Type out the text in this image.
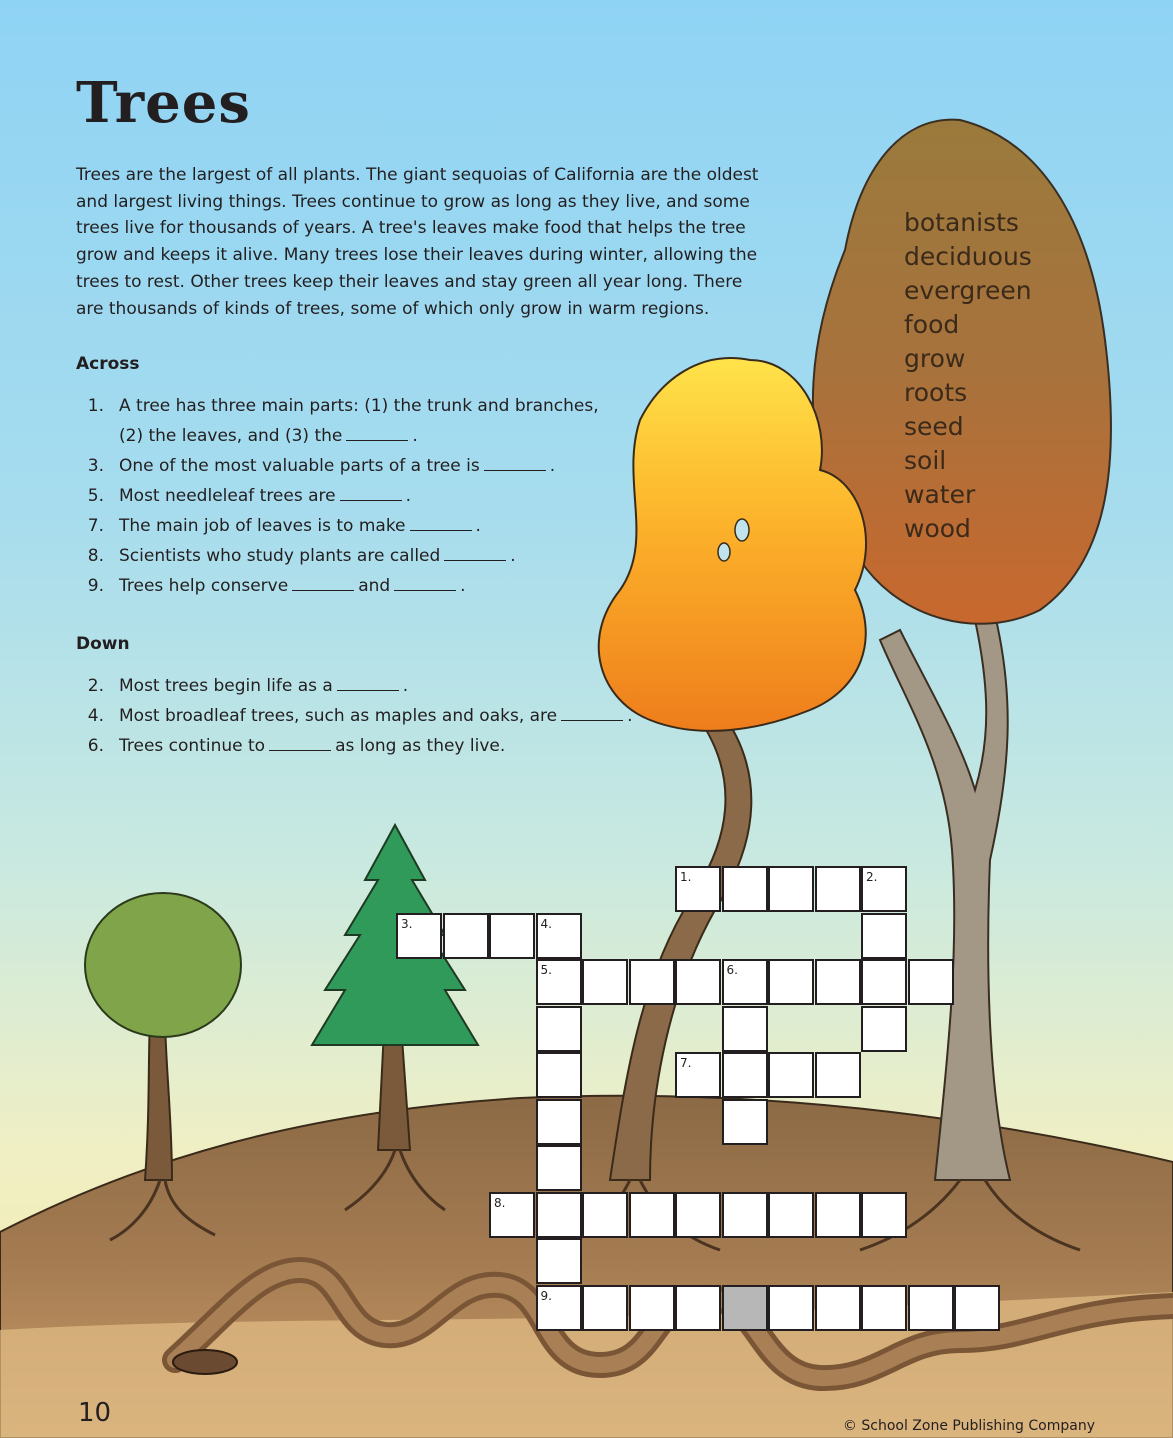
Trees

Trees are the largest of all plants. The giant sequoias of California are the oldest and largest living things. Trees continue to grow as long as they live, and some trees live for thousands of years. A tree's leaves make food that helps the tree grow and keeps it alive. Many trees lose their leaves during winter, allowing the trees to rest. Other trees keep their leaves and stay green all year long. There are thousands of kinds of trees, some of which only grow in warm regions.

Across
1. A tree has three main parts: (1) the trunk and branches,
(2) the leaves, and (3) the	.
3. One of the most valuable parts of a tree is	.
5. Most needleleaf trees are	.
7. The main job of leaves is to make	.
8. Scientists who study plants are called	.
9. Trees help conserve	and	.
Down
2. Most trees begin life as a	.
4. Most broadleaf trees, such as maples and oaks, are	.
6. Trees continue to	as long as they live.
botanists
deciduous
evergreen
food
grow
roots
seed
soil
water
wood
1.	2.
3.	4.
5.	6.
7.
8.
9.

10	© School Zone Publishing Company
